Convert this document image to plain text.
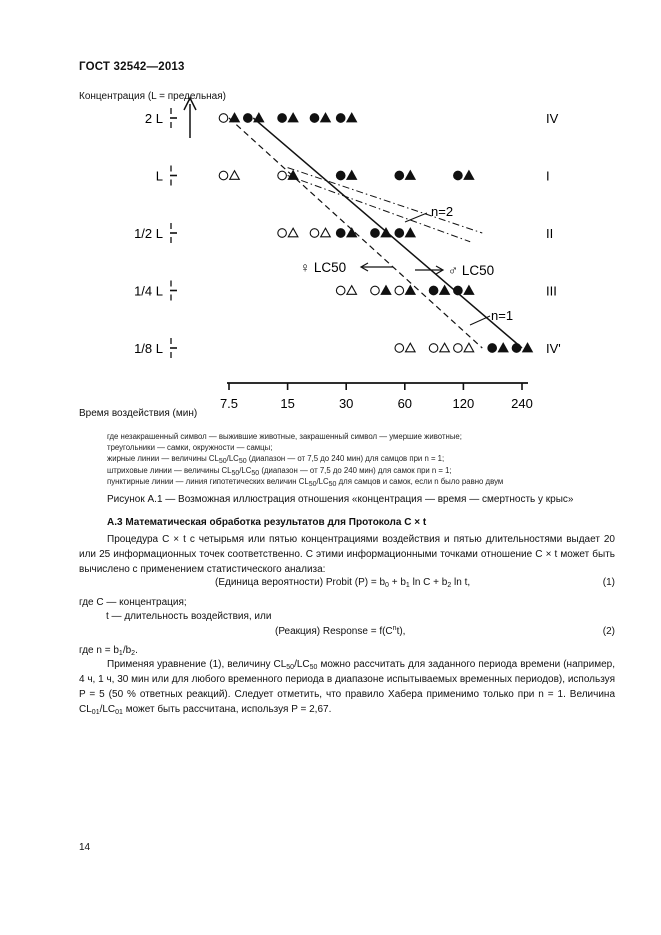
ГОСТ 32542—2013
Концентрация (L = предельная)
2 L
L
1/2 L
1/4 L
1/8 L
7.5	15	30	60	120	240
IV
I
II
III
IV'
♀ LC50	♂ LC50
n=2
n=1
Время воздействия (мин)
где незакрашенный символ — выжившие животные, закрашенный символ — умершие животные;
треугольники — самки, окружности — самцы;
жирные линии — величины $CL_{50}/LC_{50}$ (диапазон — от 7,5 до 240 мин) для самцов при n = 1;
штриховые линии — величины $CL_{50}/LC_{50}$ (диапазон — от 7,5 до 240 мин) для самок при n = 1;
пунктирные линии — линия гипотетических величин $CL_{50}/LC_{50}$ для самцов и самок, если n было равно двум
Рисунок А.1 — Возможная иллюстрация отношения «концентрация — время — смертность у крыс»
А.3 Математическая обработка результатов для Протокола C × t
Процедура C × t с четырьмя или пятью концентрациями воздействия и пятью длительностями выдает 20 или 25 информационных точек соответственно. С этими информационными точками отношение C × t может быть вычислено с применением статистического анализа:
(Единица вероятности) Probit $(P) = b_0 + b_1$ $\ln C + b_2$ ln t,	(1)
где C — концентрация;
t — длительность воздействия, или
(Реакция) Response = $f(C^nt)$,	(2)
где $n = b_1/b_2$.
Применяя уравнение (1), величину $CL_{50}/LC_{50}$ можно рассчитать для заданного периода времени (например, 4 ч, 1 ч, 30 мин или для любого временного периода в диапазоне испытываемых временных периодов), используя P = 5 (50 % ответных реакций). Следует отметить, что правило Хабера применимо только при n = 1. Величина $CL_{01}/LC_{01}$ может быть рассчитана, используя P = 2,67.
14
